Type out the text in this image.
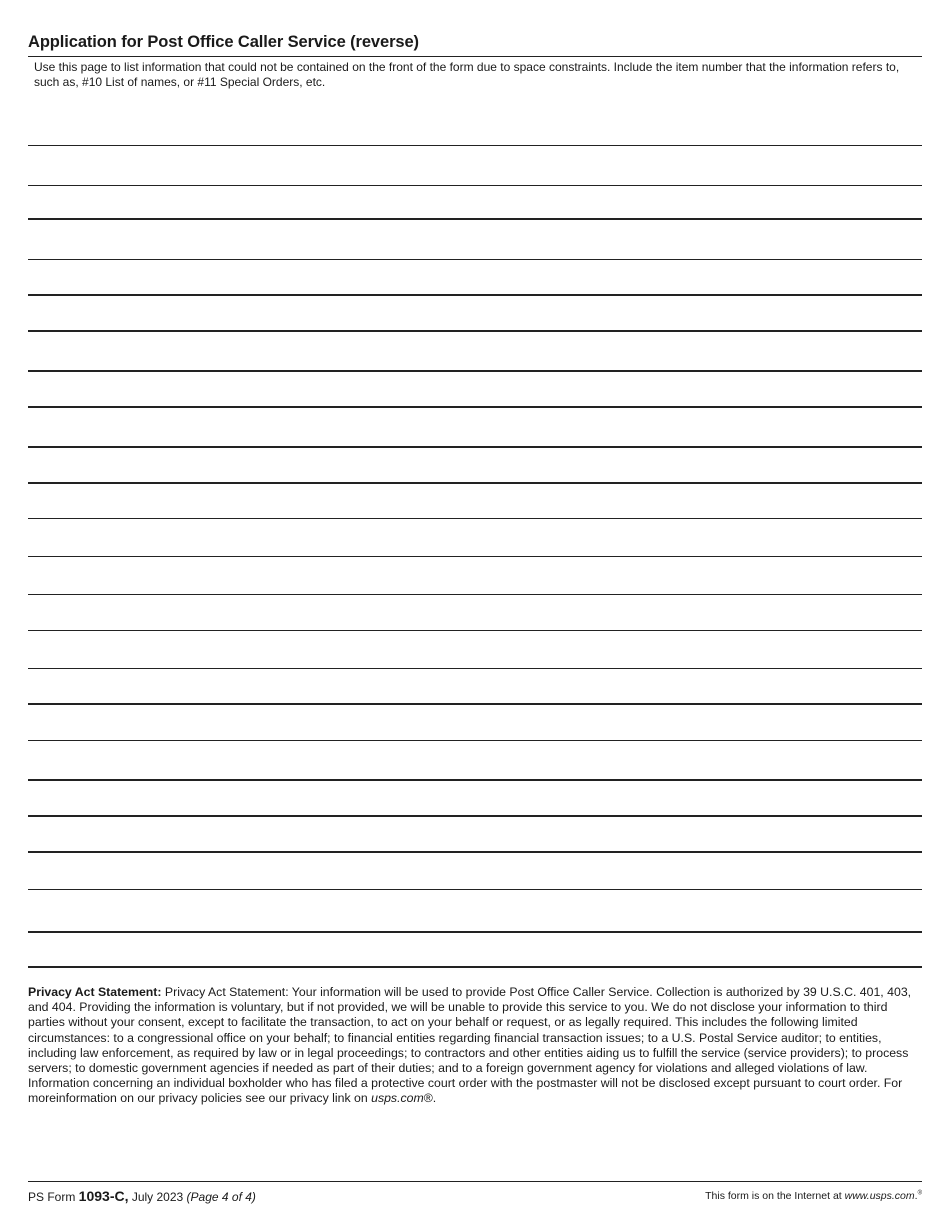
Application for Post Office Caller Service (reverse)
Use this page to list information that could not be contained on the front of the form due to space constraints. Include the item number that the information refers to, such as, #10 List of names, or #11 Special Orders, etc.

Privacy Act Statement: Privacy Act Statement: Your information will be used to provide Post Office Caller Service. Collection is authorized by 39 U.S.C. 401, 403, and 404. Providing the information is voluntary, but if not provided, we will be unable to provide this service to you. We do not disclose your information to third parties without your consent, except to facilitate the transaction, to act on your behalf or request, or as legally required. This includes the following limited circumstances: to a congressional office on your behalf; to financial entities regarding financial transaction issues; to a U.S. Postal Service auditor; to entities, including law enforcement, as required by law or in legal proceedings; to contractors and other entities aiding us to fulfill the service (service providers); to process servers; to domestic government agencies if needed as part of their duties; and to a foreign government agency for violations and alleged violations of law. Information concerning an individual boxholder who has filed a protective court order with the postmaster will not be disclosed except pursuant to court order. For moreinformation on our privacy policies see our privacy link on usps.com®.

PS Form 1093-C, July 2023 (Page 4 of 4)	This form is on the Internet at www.usps.com.®
